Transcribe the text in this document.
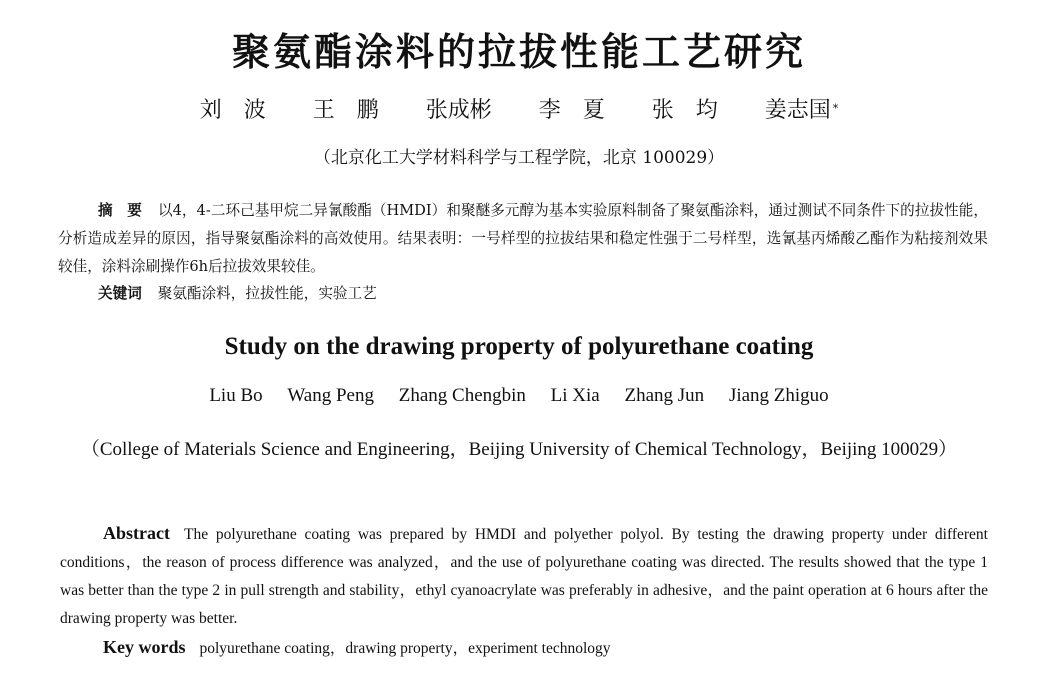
聚氨酯涂料的拉拔性能工艺研究
刘　波 王　鹏 张成彬 李　夏 张　均 姜志国 *
（北京化工大学材料科学与工程学院，北京 100029）
摘　要 以4，4-二环己基甲烷二异氰酸酯（HMDI）和聚醚多元醇为基本实验原料制备了聚氨酯涂料，通过测试不同条件下的拉拔性能，分析造成差异的原因，指导聚氨酯涂料的高效使用。结果表明：一号样型的拉拔结果和稳定性强于二号样型，选氰基丙烯酸乙酯作为粘接剂效果较佳，涂料涂刷操作6h后拉拔效果较佳。
关键词 聚氨酯涂料，拉拔性能，实验工艺
Study on the drawing property of polyurethane coating
Liu Bo Wang Peng Zhang Chengbin Li Xia Zhang Jun Jiang Zhiguo
（College of Materials Science and Engineering，Beijing University of Chemical Technology，Beijing 100029）
Abstract The polyurethane coating was prepared by HMDI and polyether polyol. By testing the drawing property under different conditions，the reason of process difference was analyzed，and the use of polyurethane coating was directed. The results showed that the type 1 was better than the type 2 in pull strength and stability，ethyl cyanoacrylate was preferably in adhesive，and the paint operation at 6 hours after the drawing property was better.
Key words polyurethane coating，drawing property，experiment technology
